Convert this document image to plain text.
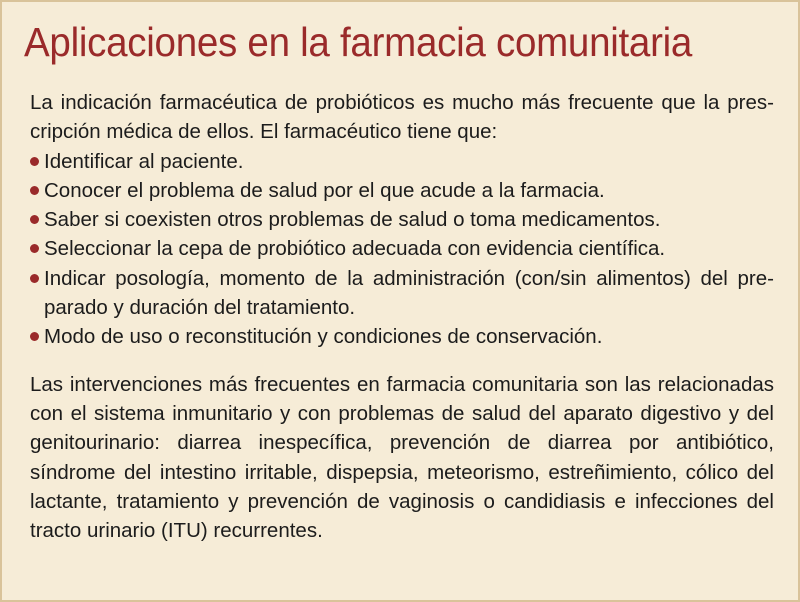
Aplicaciones en la farmacia comunitaria

La indicación farmacéutica de probióticos es mucho más frecuente que la prescripción médica de ellos. El farmacéutico tiene que:

Identificar al paciente.
Conocer el problema de salud por el que acude a la farmacia.
Saber si coexisten otros problemas de salud o toma medicamentos.
Seleccionar la cepa de probiótico adecuada con evidencia científica.
Indicar posología, momento de la administración (con/sin alimentos) del preparado y duración del tratamiento.
Modo de uso o reconstitución y condiciones de conservación.

Las intervenciones más frecuentes en farmacia comunitaria son las relacionadas con el sistema inmunitario y con problemas de salud del aparato digestivo y del genitourinario: diarrea inespecífica, prevención de diarrea por antibiótico, síndrome del intestino irritable, dispepsia, meteorismo, estreñimiento, cólico del lactante, tratamiento y prevención de vaginosis o candidiasis e infecciones del tracto urinario (ITU) recurrentes.
